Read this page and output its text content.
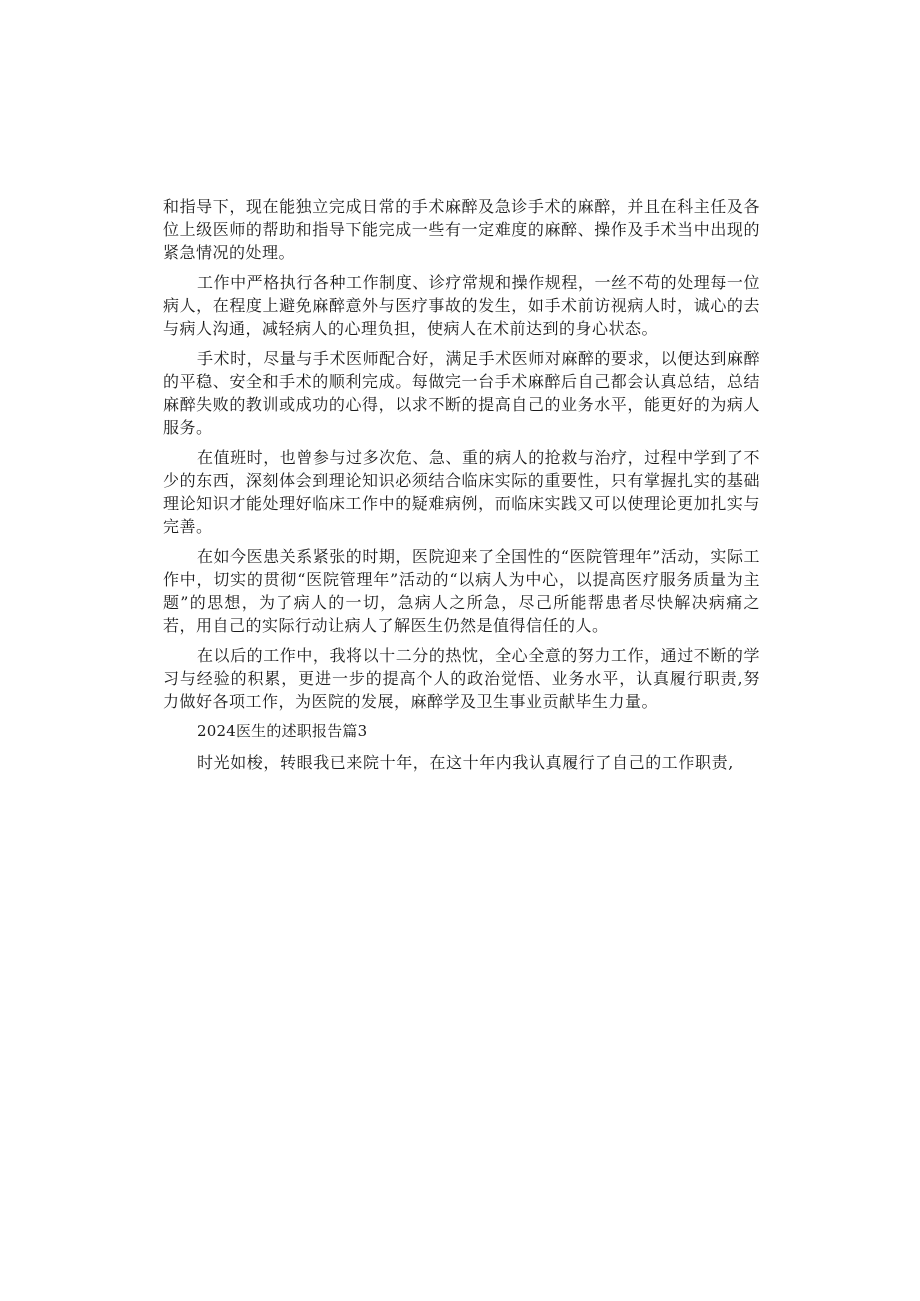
和指导下，现在能独立完成日常的手术麻醉及急诊手术的麻醉，并且在科主任及各位上级医师的帮助和指导下能完成一些有一定难度的麻醉、操作及手术当中出现的紧急情况的处理。

工作中严格执行各种工作制度、诊疗常规和操作规程，一丝不苟的处理每一位病人，在程度上避免麻醉意外与医疗事故的发生，如手术前访视病人时，诚心的去与病人沟通，减轻病人的心理负担，使病人在术前达到的身心状态。

手术时，尽量与手术医师配合好，满足手术医师对麻醉的要求，以便达到麻醉的平稳、安全和手术的顺利完成。每做完一台手术麻醉后自己都会认真总结，总结麻醉失败的教训或成功的心得，以求不断的提高自己的业务水平，能更好的为病人服务。

在值班时，也曾参与过多次危、急、重的病人的抢救与治疗，过程中学到了不少的东西，深刻体会到理论知识必须结合临床实际的重要性，只有掌握扎实的基础理论知识才能处理好临床工作中的疑难病例，而临床实践又可以使理论更加扎实与完善。

在如今医患关系紧张的时期，医院迎来了全国性的“医院管理年”活动，实际工作中，切实的贯彻“医院管理年”活动的“以病人为中心，以提高医疗服务质量为主题”的思想，为了病人的一切，急病人之所急，尽己所能帮患者尽快解决病痛之若，用自己的实际行动让病人了解医生仍然是值得信任的人。

在以后的工作中，我将以十二分的热忱，全心全意的努力工作，通过不断的学习与经验的积累，更进一步的提高个人的政治觉悟、业务水平，认真履行职责,努力做好各项工作，为医院的发展，麻醉学及卫生事业贡献毕生力量。

2024医生的述职报告篇3

时光如梭，转眼我已来院十年，在这十年内我认真履行了自己的工作职责,
